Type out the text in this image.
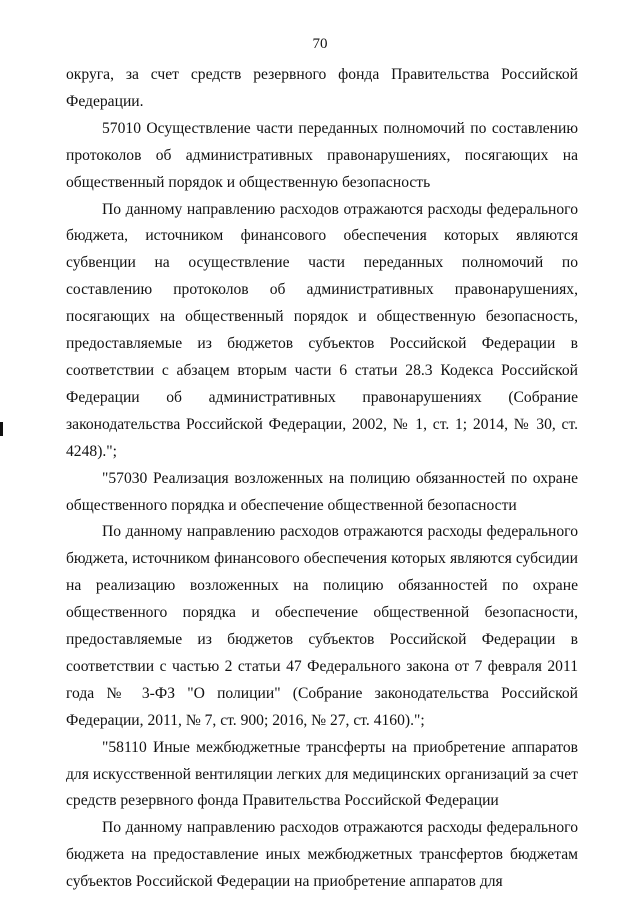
70

округа, за счет средств резервного фонда Правительства Российской Федерации.

57010 Осуществление части переданных полномочий по составлению протоколов об административных правонарушениях, посягающих на общественный порядок и общественную безопасность

По данному направлению расходов отражаются расходы федерального бюджета, источником финансового обеспечения которых являются субвенции на осуществление части переданных полномочий по составлению протоколов об административных правонарушениях, посягающих на общественный порядок и общественную безопасность, предоставляемые из бюджетов субъектов Российской Федерации в соответствии с абзацем вторым части 6 статьи 28.3 Кодекса Российской Федерации об административных правонарушениях (Собрание законодательства Российской Федерации, 2002, № 1, ст. 1; 2014, № 30, ст. 4248).";

"57030 Реализация возложенных на полицию обязанностей по охране общественного порядка и обеспечение общественной безопасности

По данному направлению расходов отражаются расходы федерального бюджета, источником финансового обеспечения которых являются субсидии на реализацию возложенных на полицию обязанностей по охране общественного порядка и обеспечение общественной безопасности, предоставляемые из бюджетов субъектов Российской Федерации в соответствии с частью 2 статьи 47 Федерального закона от 7 февраля 2011 года № 3-ФЗ "О полиции" (Собрание законодательства Российской Федерации, 2011, № 7, ст. 900; 2016, № 27, ст. 4160).";

"58110 Иные межбюджетные трансферты на приобретение аппаратов для искусственной вентиляции легких для медицинских организаций за счет средств резервного фонда Правительства Российской Федерации

По данному направлению расходов отражаются расходы федерального бюджета на предоставление иных межбюджетных трансфертов бюджетам субъектов Российской Федерации на приобретение аппаратов для
